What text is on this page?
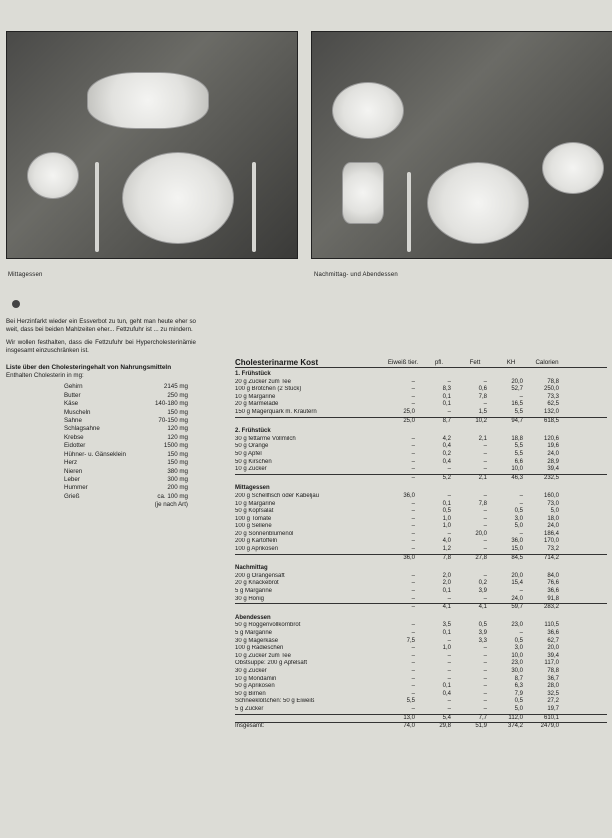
Mittagessen	Nachmittag- und Abendessen

Bei Herzinfarkt wieder ein Essverbot zu tun, geht man heute eher so weit, dass bei beiden Mahlzeiten eher... Fettzufuhr ist ... zu mindern.

Wir wollen festhalten, dass die Fettzufuhr bei Hypercholesterinämie insgesamt einzuschränken ist.

Liste über den Cholesteringehalt von Nahrungsmitteln
Enthalten Cholesterin in mg:
Gehirn	2145 mg
Butter	250 mg
Käse	140-180 mg
Muscheln	150 mg
Sahne	70-150 mg
Schlagsahne	120 mg
Krebse	120 mg
Eidotter	1500 mg
Hühner- u. Gänseklein	150 mg
Herz	150 mg
Nieren	380 mg
Leber	300 mg
Hummer	200 mg
Grieß	ca. 100 mg
(je nach Art)
Cholesterinarme Kost	Eiweiß tier.	pfl.	Fett	KH	Calorien
1. Frühstück
20 g Zucker zum Tee	–	–	–	20,0	78,8
100 g Brötchen (2 Stück)	–	8,3	0,6	52,7	250,0
10 g Margarine	–	0,1	7,8	–	73,3
20 g Marmelade	–	0,1	–	16,5	62,5
150 g Magerquark m. Kräutern	25,0	–	1,5	5,5	132,0
25,0	8,7	10,2	94,7	618,5
2. Frühstück
30 g fettarme Vollmilch	–	4,2	2,1	18,8	120,6
50 g Orange	–	0,4	–	5,5	19,6
50 g Apfel	–	0,2	–	5,5	24,0
50 g Kirschen	–	0,4	–	6,6	28,9
10 g Zucker	–	–	–	10,0	39,4
–	5,2	2,1	46,3	232,5
Mittagessen
200 g Schellfisch oder Kabeljau	36,0	–	–	–	160,0
10 g Margarine	–	0,1	7,8	–	73,0
50 g Kopfsalat	–	0,5	–	0,5	5,0
100 g Tomate	–	1,0	–	3,0	18,0
100 g Sellerie	–	1,0	–	5,0	24,0
20 g Sonnenblumenöl	–	–	20,0	–	186,4
200 g Kartoffeln	–	4,0	–	36,0	170,0
100 g Aprikosen	–	1,2	–	15,0	73,2
36,0	7,8	27,8	84,5	714,2
Nachmittag
200 g Orangensaft	–	2,0	–	20,0	84,0
20 g Knäckebrot	–	2,0	0,2	15,4	76,6
5 g Margarine	–	0,1	3,9	–	36,6
30 g Honig	–	–	–	24,0	91,8
–	4,1	4,1	59,7	283,2
Abendessen
50 g Roggenvollkornbrot	–	3,5	0,5	23,0	110,5
5 g Margarine	–	0,1	3,9	–	36,6
30 g Magerkäse	7,5	–	3,3	0,5	62,7
100 g Radieschen	–	1,0	–	3,0	20,0
10 g Zucker zum Tee	–	–	–	10,0	39,4
Obstsuppe: 200 g Apfelsaft	–	–	–	23,0	117,0
30 g Zucker	–	–	–	30,0	78,8
10 g Mondamin	–	–	–	8,7	36,7
50 g Aprikosen	–	0,1	–	6,3	28,0
50 g Birnen	–	0,4	–	7,9	32,5
Schneeklößchen: 50 g Eiweiß	5,5	–	–	0,5	27,2
5 g Zucker	–	–	–	5,0	19,7
13,0	5,4	7,7	112,0	610,1
Insgesamt:	74,0	29,8	51,9	374,2	2479,0
